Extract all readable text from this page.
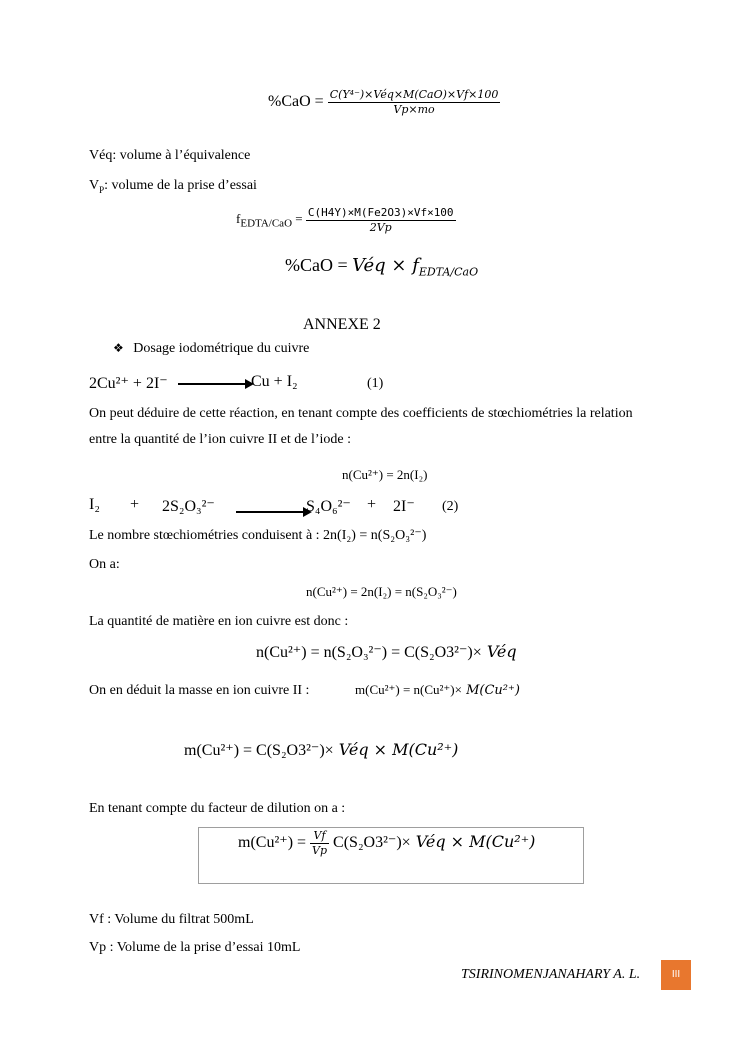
$\%CaO = \frac{\text{C(Y⁴⁻)×Véq×M(CaO)×Vf×100}}{Vp\times mo}$
Véq: volume à l’équivalence
$V_P$: volume de la prise d’essai
$f_{EDTA/CaO} = \frac{C(H4Y)\times M(Fe2O3)\times Vf\times 100}{2Vp}$
%CaO = Véq × $f_{EDTA/CaO}$
ANNEXE 2
❖ Dosage iodométrique du cuivre
2Cu²⁺ + 2I⁻	Cu + I₂	(1)
On peut déduire de cette réaction, en tenant compte des coefficients de stœchiométries la relation
entre la quantité de l’ion cuivre II et de l’iode :
n(Cu²⁺) = 2n(I₂)
I₂ + 2S₂O₃²⁻	S₄O₆²⁻ + 2I⁻ (2)
Le nombre stœchiométries conduisent à : 2n(I₂) = n(S₂O₃²⁻)
On a:
n(Cu²⁺) = 2n(I₂) = n(S₂O₃²⁻)
La quantité de matière en ion cuivre est donc :
n(Cu²⁺) = n(S₂O₃²⁻) = C(S₂O3²⁻)× Véq
On en déduit la masse en ion cuivre II :	m(Cu²⁺) = n(Cu²⁺)× M(Cu²⁺)
m(Cu²⁺) = C(S₂O3²⁻)× Véq × M(Cu²⁺)
En tenant compte du facteur de dilution on a :
$m(Cu^{2+}) = \frac{Vf}{Vp} C(S_2O3^{2-})\times$ Véq × M(Cu²⁺)
Vf : Volume du filtrat 500mL
Vp : Volume de la prise d’essai 10mL
TSIRINOMENJANAHARY A. L.	III
